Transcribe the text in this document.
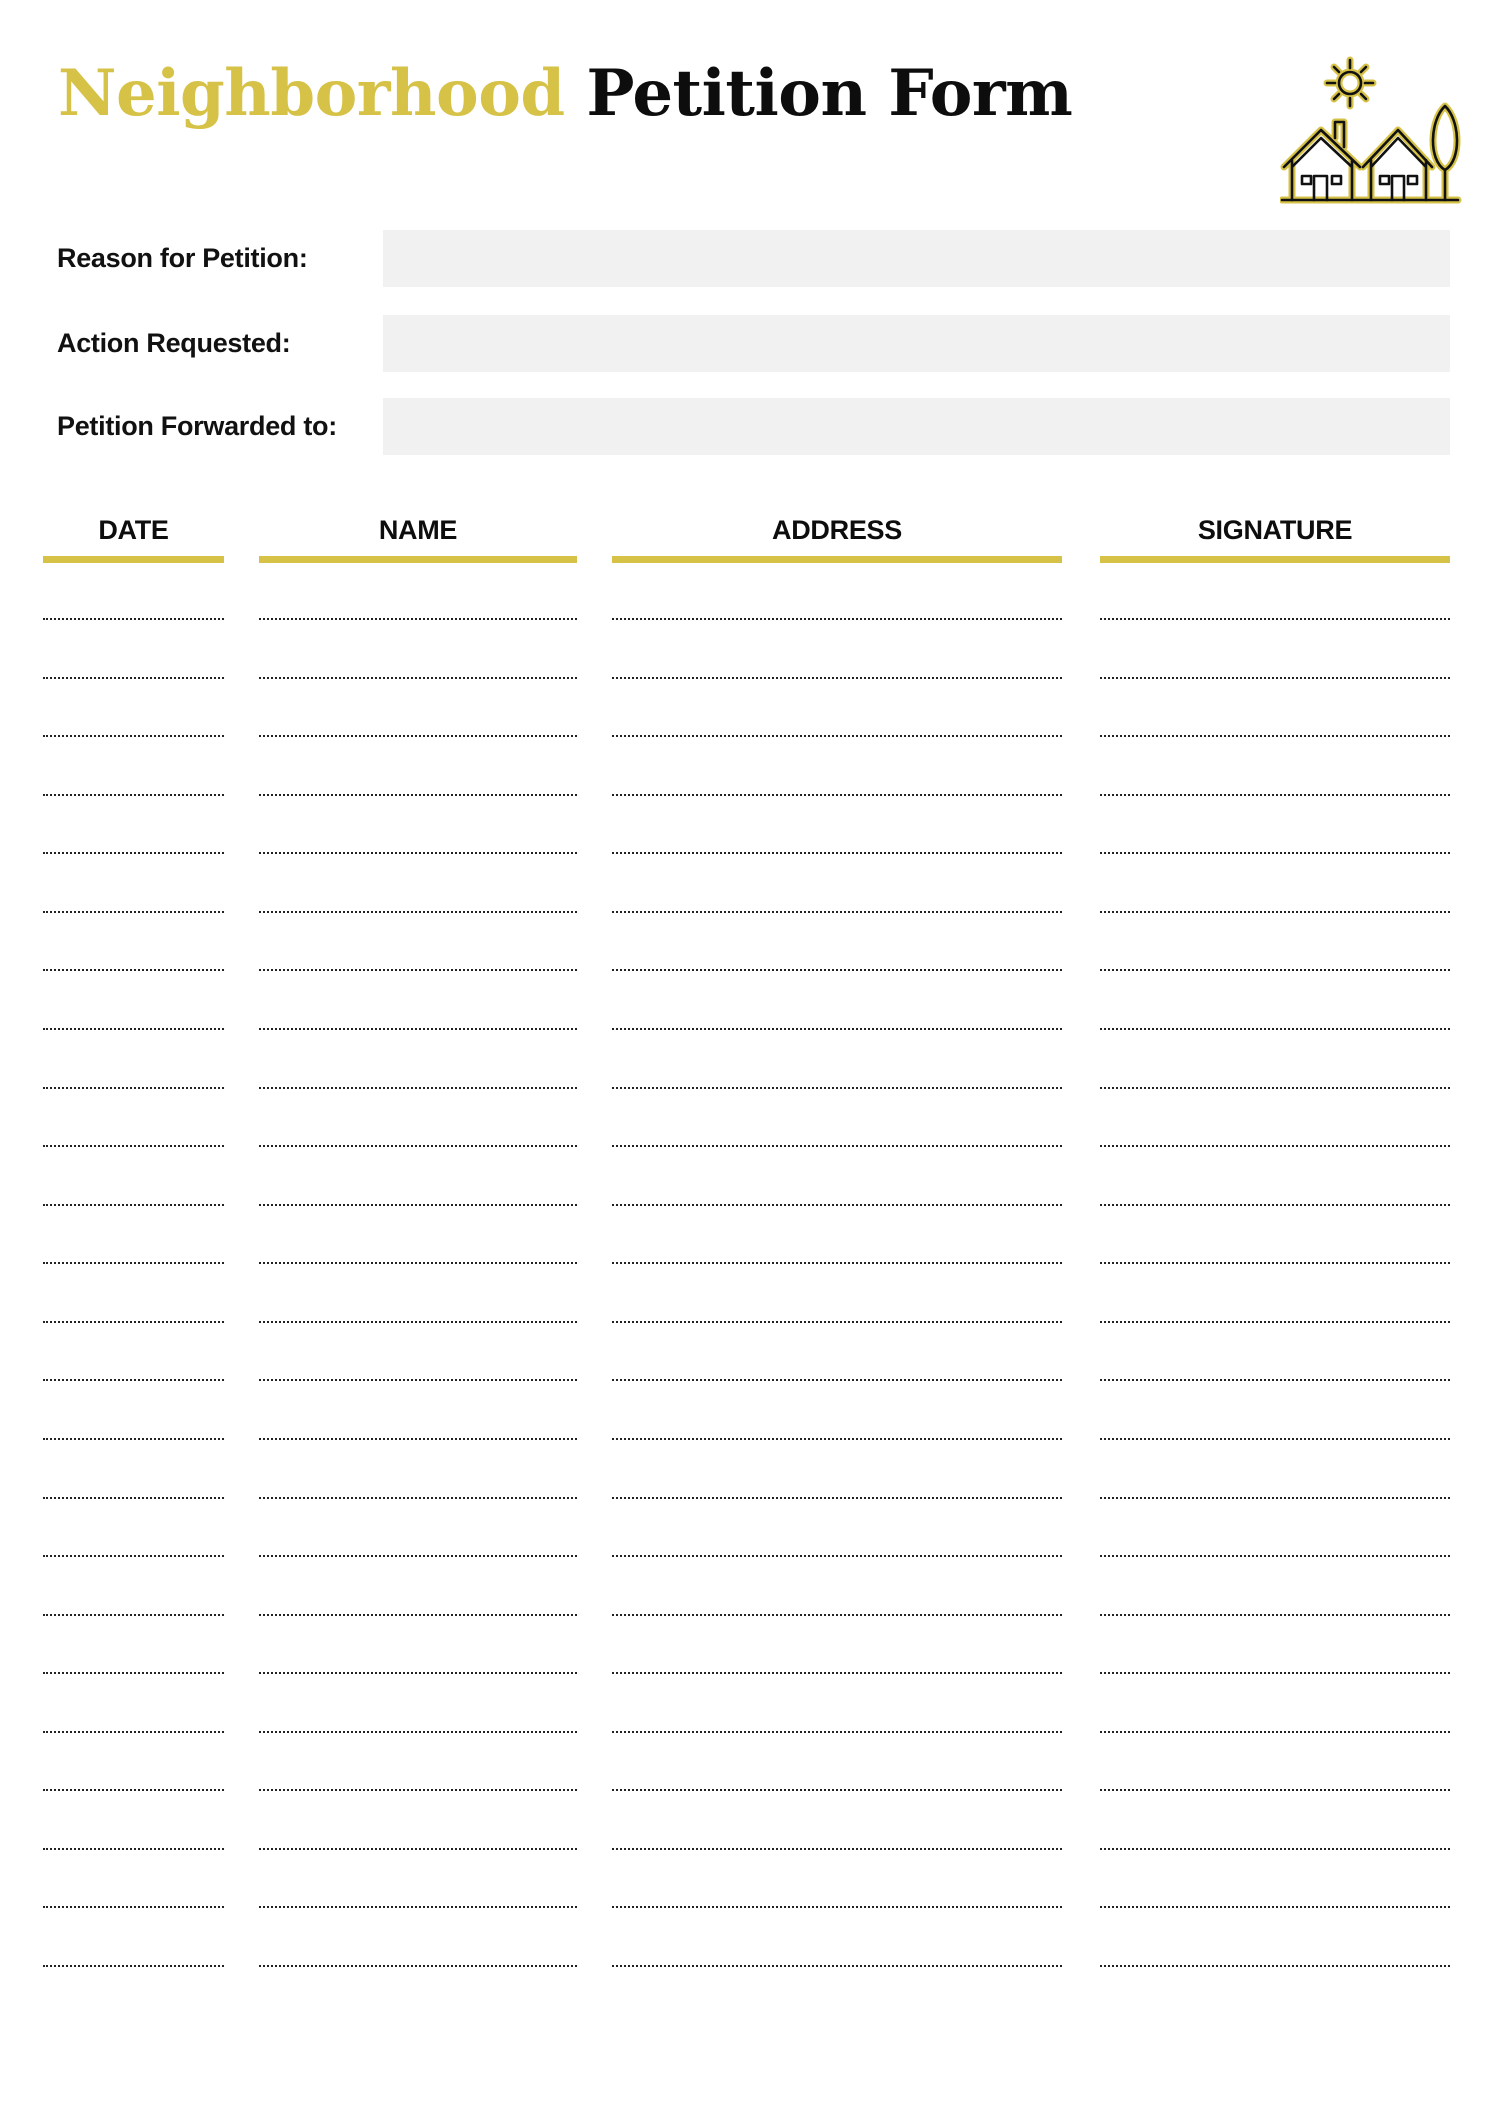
Neighborhood Petition Form
Reason for Petition:
Action Requested:
Petition Forwarded to:
DATE	NAME	ADDRESS	SIGNATURE
